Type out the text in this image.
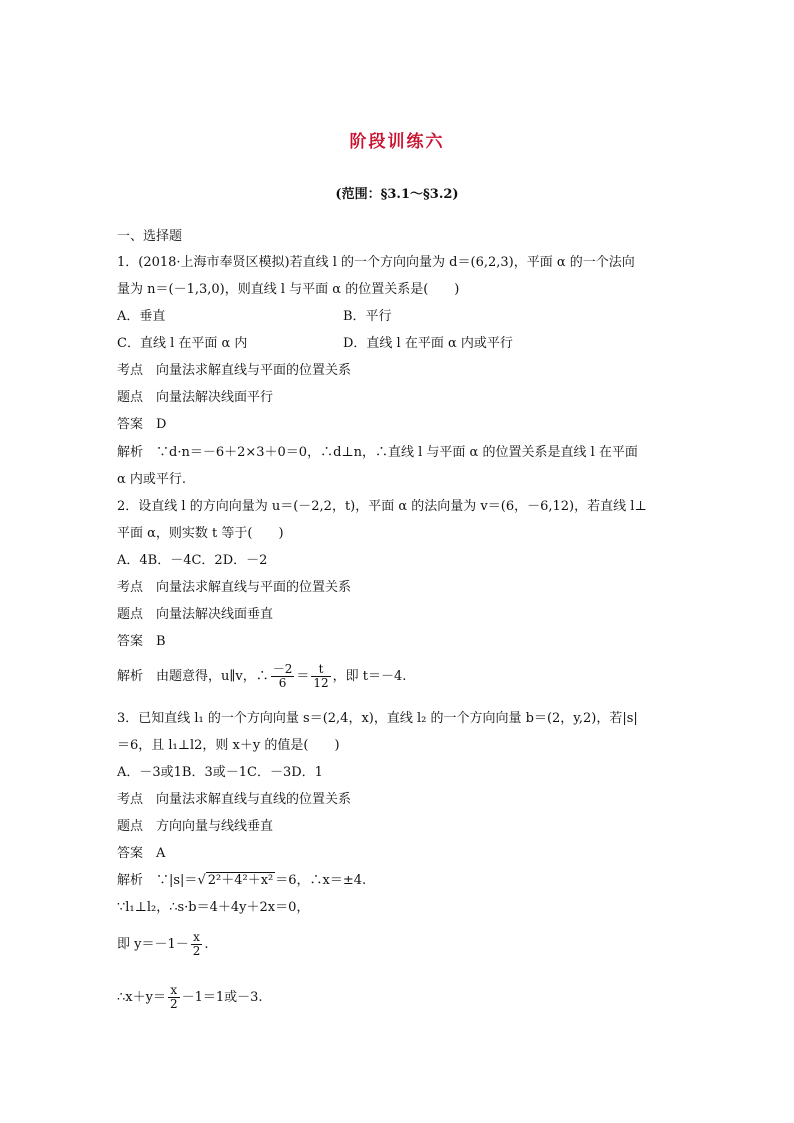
阶段训练六
(范围：§3.1～§3.2)
一、选择题
1．(2018·上海市奉贤区模拟)若直线 l 的一个方向向量为 d＝(6,2,3)，平面 α 的一个法向
量为 n＝(－1,3,0)，则直线 l 与平面 α 的位置关系是(　　)
A．垂直	B．平行
C．直线 l 在平面 α 内	D．直线 l 在平面 α 内或平行
考点　向量法求解直线与平面的位置关系
题点　向量法解决线面平行
答案　D
解析　∵d·n＝－6＋2×3＋0＝0，∴d⊥n，∴直线 l 与平面 α 的位置关系是直线 l 在平面
α 内或平行.
2．设直线 l 的方向向量为 u＝(－2,2，t)，平面 α 的法向量为 v＝(6，－6,12)，若直线 l⊥
平面 α，则实数 t 等于(　　)
A．4B．－4C．2D．－2
考点　向量法求解直线与平面的位置关系
题点　向量法解决线面垂直
答案　B
解析　由题意得，u∥v，∴ $\frac{-2}{6} = \frac{t}{12}$ ，即 t＝－4.
3．已知直线 l₁ 的一个方向向量 s＝(2,4，x)，直线 l₂ 的一个方向向量 b＝(2，y,2)，若|s|
＝6，且 l₁⊥l2，则 x＋y 的值是(　　)
A．－3或1B．3或－1C．－3D．1
考点　向量法求解直线与直线的位置关系
题点　方向向量与线线垂直
答案　A
解析　∵|s|＝√ 2²＋4²＋x² ＝6，∴x＝±4.
∵l₁⊥l₂，∴s·b＝4＋4y＋2x＝0，
即 $y=-1- \frac{x}{2}$ .
∴x＋y＝ $\frac{x}{2} -1=1$或－3.
